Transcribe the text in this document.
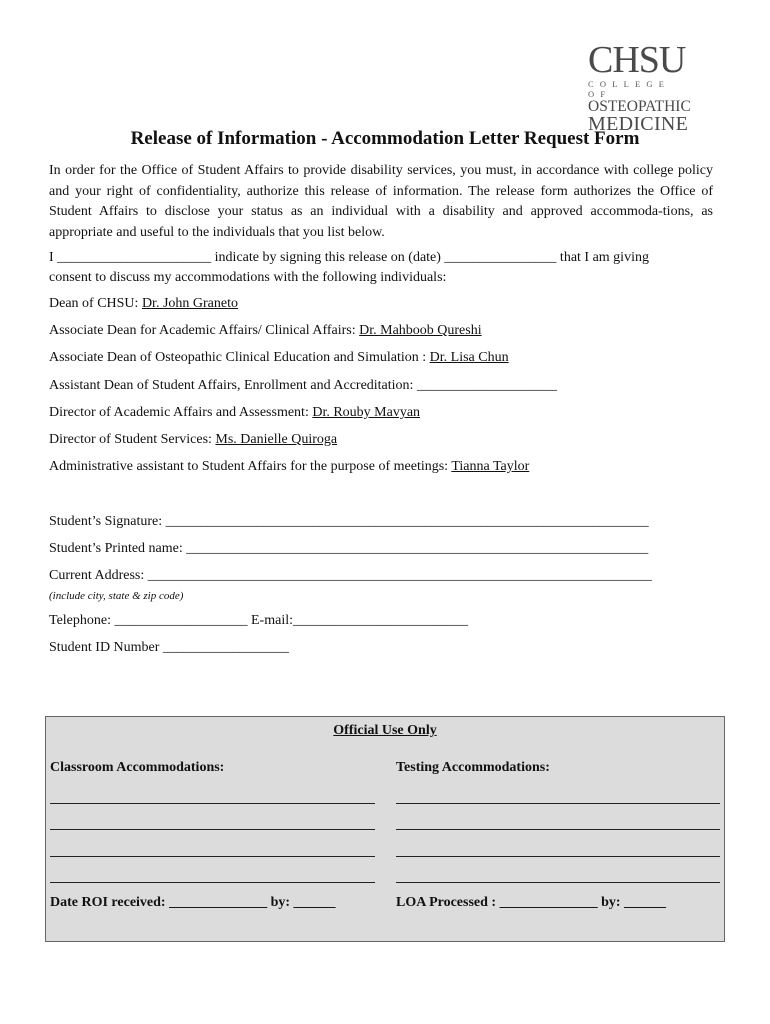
CHSU
COLLEGE OF
OSTEOPATHIC
MEDICINE
Release of Information - Accommodation Letter Request Form
In order for the Office of Student Affairs to provide disability services, you must, in accordance with college policy and your right of confidentiality, authorize this release of information. The release form authorizes the Office of Student Affairs to disclose your status as an individual with a disability and approved accommoda-tions, as appropriate and useful to the individuals that you list below.
I ______________________ indicate by signing this release on (date) ________________ that I am giving
consent to discuss my accommodations with the following individuals:
Dean of CHSU: Dr. John Graneto
Associate Dean for Academic Affairs/ Clinical Affairs: Dr. Mahboob Qureshi
Associate Dean of Osteopathic Clinical Education and Simulation : Dr. Lisa Chun
Assistant Dean of Student Affairs, Enrollment and Accreditation: ____________________
Director of Academic Affairs and Assessment: Dr. Rouby Mavyan
Director of Student Services: Ms. Danielle Quiroga
Administrative assistant to Student Affairs for the purpose of meetings: Tianna Taylor
Student’s Signature: _____________________________________________________________________
Student’s Printed name: __________________________________________________________________
Current Address: ________________________________________________________________________
(include city, state & zip code)
Telephone: ___________________ E-mail:_________________________
Student ID Number __________________
Official Use Only
Classroom Accommodations:	Testing Accommodations:
Date ROI received: ______________ by: ______	LOA Processed : ______________ by: ______
